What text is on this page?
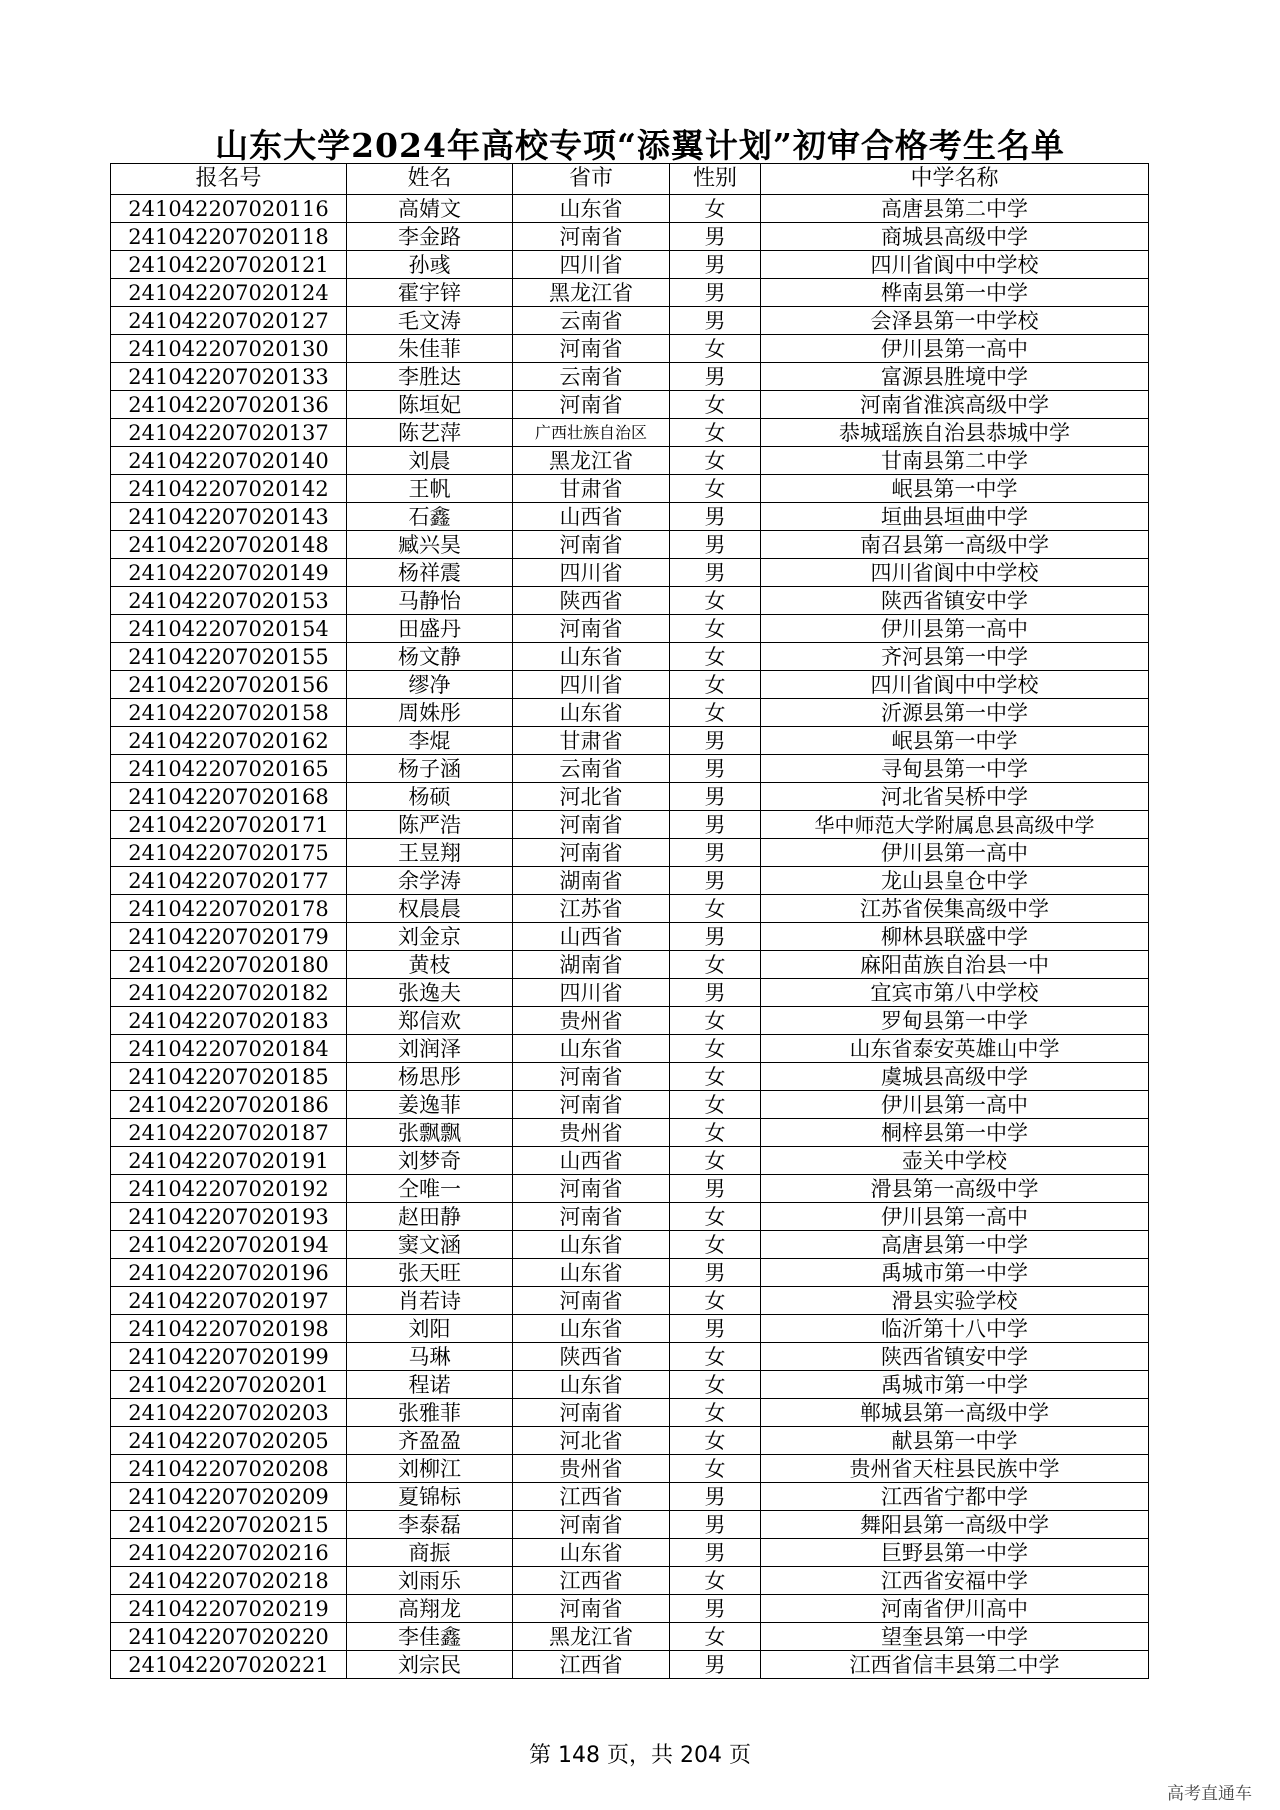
山东大学2024年高校专项“添翼计划”初审合格考生名单
报名号	姓名	省市	性别	中学名称
241042207020116	高婧文	山东省	女	高唐县第二中学
241042207020118	李金路	河南省	男	商城县高级中学
241042207020121	孙彧	四川省	男	四川省阆中中学校
241042207020124	霍宇锌	黑龙江省	男	桦南县第一中学
241042207020127	毛文涛	云南省	男	会泽县第一中学校
241042207020130	朱佳菲	河南省	女	伊川县第一高中
241042207020133	李胜达	云南省	男	富源县胜境中学
241042207020136	陈垣妃	河南省	女	河南省淮滨高级中学
241042207020137	陈艺萍	广西壮族自治区	女	恭城瑶族自治县恭城中学
241042207020140	刘晨	黑龙江省	女	甘南县第二中学
241042207020142	王帆	甘肃省	女	岷县第一中学
241042207020143	石鑫	山西省	男	垣曲县垣曲中学
241042207020148	臧兴昊	河南省	男	南召县第一高级中学
241042207020149	杨祥震	四川省	男	四川省阆中中学校
241042207020153	马静怡	陕西省	女	陕西省镇安中学
241042207020154	田盛丹	河南省	女	伊川县第一高中
241042207020155	杨文静	山东省	女	齐河县第一中学
241042207020156	缪净	四川省	女	四川省阆中中学校
241042207020158	周姝彤	山东省	女	沂源县第一中学
241042207020162	李焜	甘肃省	男	岷县第一中学
241042207020165	杨子涵	云南省	男	寻甸县第一中学
241042207020168	杨硕	河北省	男	河北省吴桥中学
241042207020171	陈严浩	河南省	男	华中师范大学附属息县高级中学
241042207020175	王昱翔	河南省	男	伊川县第一高中
241042207020177	余学涛	湖南省	男	龙山县皇仓中学
241042207020178	权晨晨	江苏省	女	江苏省侯集高级中学
241042207020179	刘金京	山西省	男	柳林县联盛中学
241042207020180	黄枝	湖南省	女	麻阳苗族自治县一中
241042207020182	张逸夫	四川省	男	宜宾市第八中学校
241042207020183	郑信欢	贵州省	女	罗甸县第一中学
241042207020184	刘润泽	山东省	女	山东省泰安英雄山中学
241042207020185	杨思彤	河南省	女	虞城县高级中学
241042207020186	姜逸菲	河南省	女	伊川县第一高中
241042207020187	张飘飘	贵州省	女	桐梓县第一中学
241042207020191	刘梦奇	山西省	女	壶关中学校
241042207020192	仝唯一	河南省	男	滑县第一高级中学
241042207020193	赵田静	河南省	女	伊川县第一高中
241042207020194	窦文涵	山东省	女	高唐县第一中学
241042207020196	张天旺	山东省	男	禹城市第一中学
241042207020197	肖若诗	河南省	女	滑县实验学校
241042207020198	刘阳	山东省	男	临沂第十八中学
241042207020199	马琳	陕西省	女	陕西省镇安中学
241042207020201	程诺	山东省	女	禹城市第一中学
241042207020203	张雅菲	河南省	女	郸城县第一高级中学
241042207020205	齐盈盈	河北省	女	献县第一中学
241042207020208	刘柳江	贵州省	女	贵州省天柱县民族中学
241042207020209	夏锦标	江西省	男	江西省宁都中学
241042207020215	李泰磊	河南省	男	舞阳县第一高级中学
241042207020216	商振	山东省	男	巨野县第一中学
241042207020218	刘雨乐	江西省	女	江西省安福中学
241042207020219	高翔龙	河南省	男	河南省伊川高中
241042207020220	李佳鑫	黑龙江省	女	望奎县第一中学
241042207020221	刘宗民	江西省	男	江西省信丰县第二中学
第 148 页，共 204 页
高考直通车
